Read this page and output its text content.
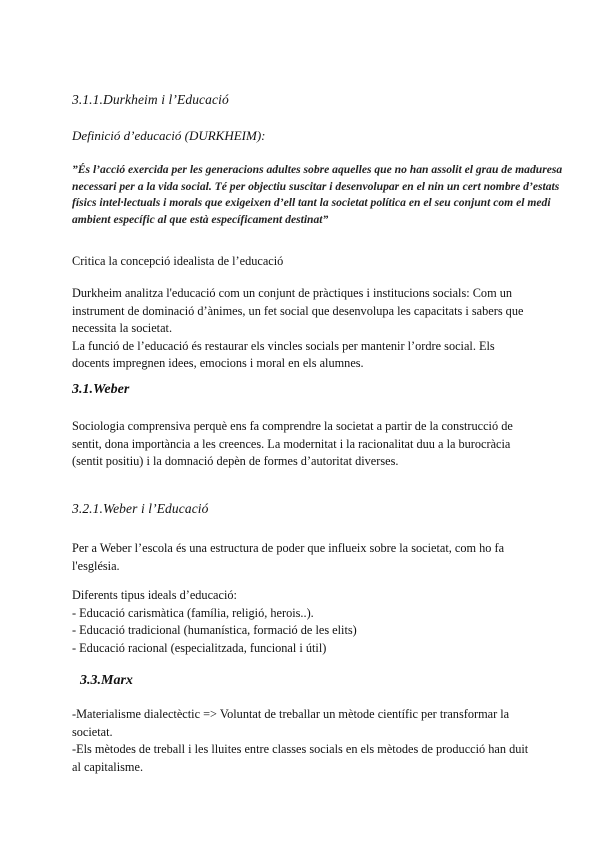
3.1.1.Durkheim i l’Educació
Definició d’educació (DURKHEIM):
”És l’acció exercida per les generacions adultes sobre aquelles que no han assolit el grau de maduresa
necessari per a la vida social. Té per objectiu suscitar i desenvolupar en el nin un cert nombre d’estats
físics intel·lectuals i morals que exigeixen d’ell tant la societat política en el seu conjunt com el medi
ambient específic al que està específicament destinat”
Critica la concepció idealista de l’educació
Durkheim analitza l'educació com un conjunt de pràctiques i institucions socials: Com un
instrument de dominació d’ànimes, un fet social que desenvolupa les capacitats i sabers que
necessita la societat.
La funció de l’educació és restaurar els vincles socials per mantenir l’ordre social. Els
docents impregnen idees, emocions i moral en els alumnes.
3.1.Weber
Sociologia comprensiva perquè ens fa comprendre la societat a partir de la construcció de
sentit, dona importància a les creences. La modernitat i la racionalitat duu a la burocràcia
(sentit positiu) i la domnació depèn de formes d’autoritat diverses.
3.2.1.Weber i l’Educació
Per a Weber l’escola és una estructura de poder que influeix sobre la societat, com ho fa
l'església.
Diferents tipus ideals d’educació:
- Educació carismàtica (família, religió, herois..).
- Educació tradicional (humanística, formació de les elits)
- Educació racional (especialitzada, funcional i útil)
3.3.Marx
-Materialisme dialectèctic => Voluntat de treballar un mètode científic per transformar la
societat.
-Els mètodes de treball i les lluites entre classes socials en els mètodes de producció han duit
al capitalisme.
